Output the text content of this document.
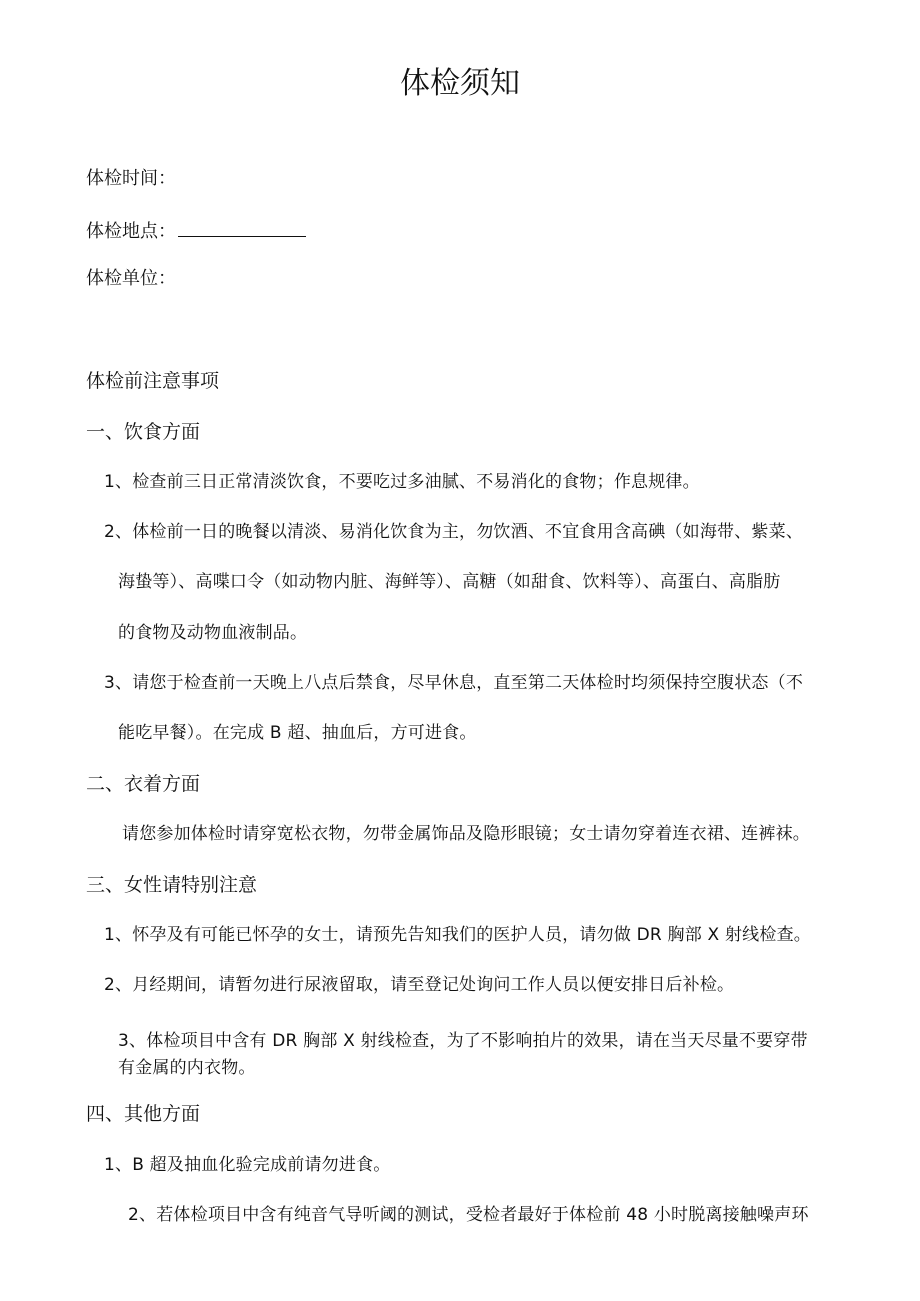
体检须知
体检时间：
体检地点：
体检单位：
体检前注意事项
一、饮食方面
1、检查前三日正常清淡饮食，不要吃过多油腻、不易消化的食物；作息规律。
2、体检前一日的晚餐以清淡、易消化饮食为主，勿饮酒、不宜食用含高碘（如海带、紫菜、
海蛰等）、高喋口令（如动物内脏、海鲜等）、高糖（如甜食、饮料等）、高蛋白、高脂肪
的食物及动物血液制品。
3、请您于检查前一天晚上八点后禁食，尽早休息，直至第二天体检时均须保持空腹状态（不
能吃早餐）。在完成 B 超、抽血后，方可进食。
二、衣着方面
请您参加体检时请穿宽松衣物，勿带金属饰品及隐形眼镜；女士请勿穿着连衣裙、连裤袜。
三、女性请特别注意
1、怀孕及有可能已怀孕的女士，请预先告知我们的医护人员，请勿做 DR 胸部 X 射线检查。
2、月经期间，请暂勿进行尿液留取，请至登记处询问工作人员以便安排日后补检。
3、体检项目中含有 DR 胸部 X 射线检查，为了不影响拍片的效果，请在当天尽量不要穿带
有金属的内衣物。
四、其他方面
1、B 超及抽血化验完成前请勿进食。
2、若体检项目中含有纯音气导听阈的测试，受检者最好于体检前 48 小时脱离接触噪声环
